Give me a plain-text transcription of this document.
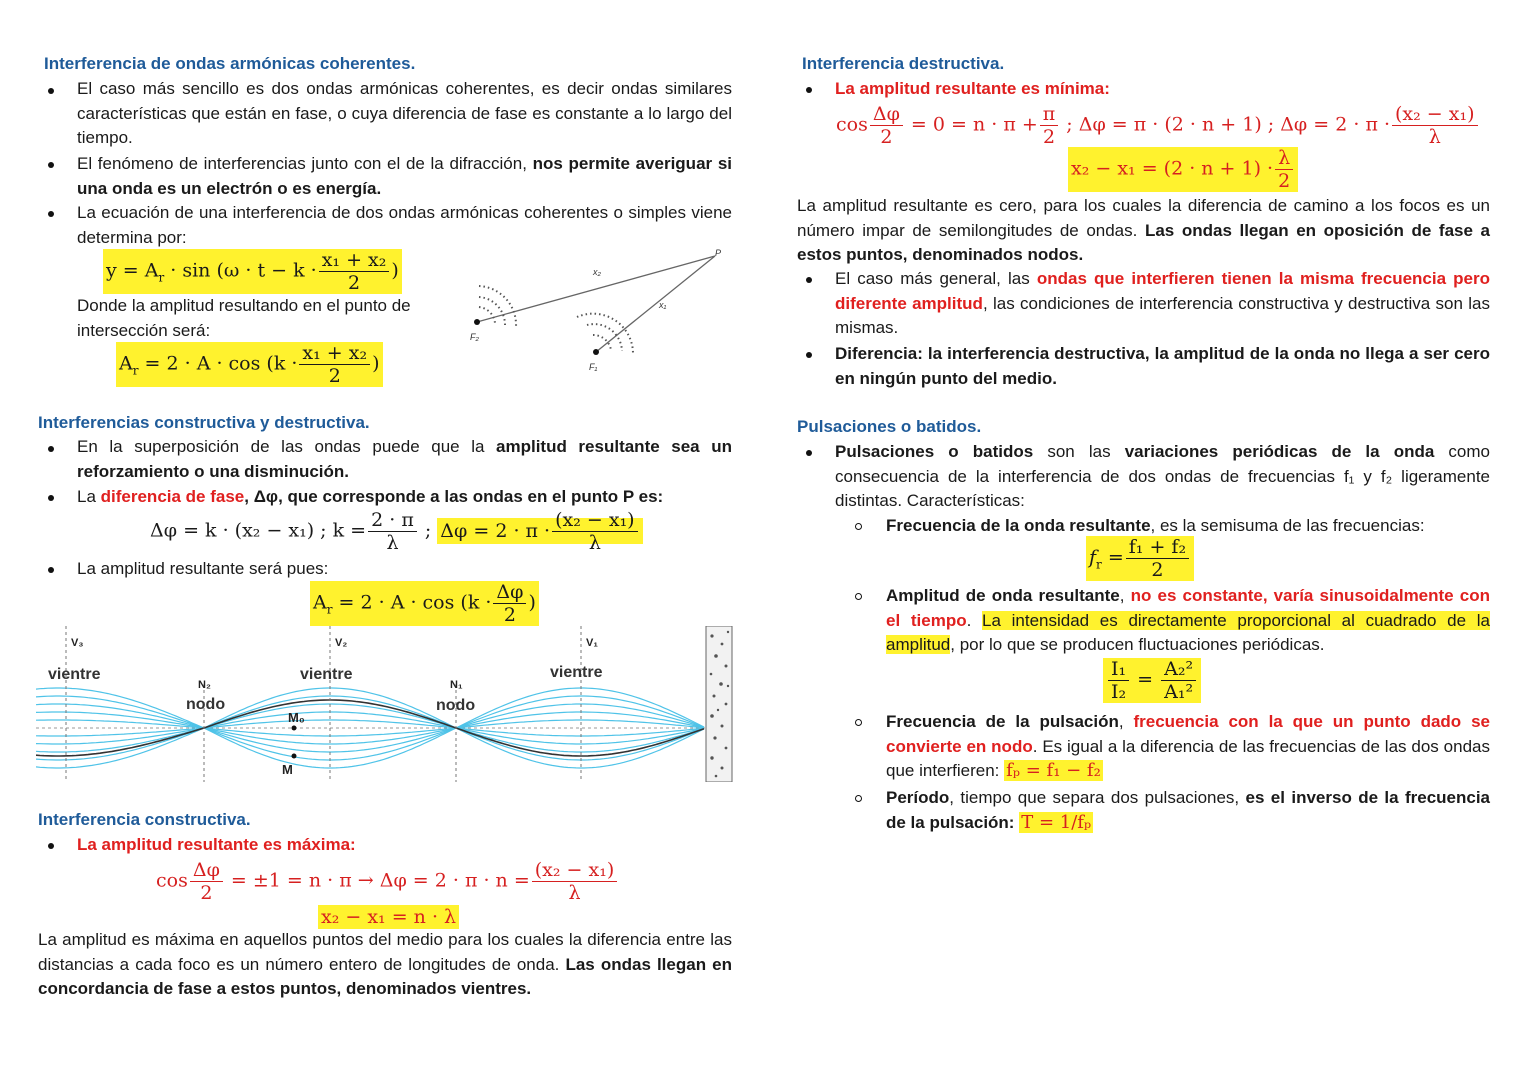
Interferencia de ondas armónicas coherentes.
El caso más sencillo es dos ondas armónicas coherentes, es decir ondas similares características que están en fase, o cuya diferencia de fase es constante a lo largo del tiempo.
El fenómeno de interferencias junto con el de la difracción, nos permite averiguar si una onda es un electrón o es energía.
La ecuación de una interferencia de dos ondas armónicas coherentes o simples viene determina por:
$y = A_r \cdot \sin (\omega \cdot t - k \cdot \frac{\text{x₁ + x₂}}{2}$ )
Donde la amplitud resultando en el punto de intersección será:
$A_r = 2 \cdot A \cdot \cos (k \cdot \frac{\text{x₁ + x₂}}{2}$ )
P
x₂
x₁
F₂
F₁
Interferencias constructiva y destructiva.
En la superposición de las ondas puede que la amplitud resultante sea un reforzamiento o una disminución.
La diferencia de fase, Δφ, que corresponde a las ondas en el punto P es:
Δφ = k · (x₂ − x₁) ; $k = \frac{2 \cdot \pi}{\lambda}$ ; $\Delta\varphi = 2 \cdot \pi \cdot \frac{\text{(x₂ − x₁)}}{\lambda}$
La amplitud resultante será pues:
$A_r = 2 \cdot A \cdot \cos (k \cdot \frac{\Delta\varphi}{2}$ )
V₃	V₂	V₁
vientre	vientre	vientre
N₂	N₁
nodo	nodo
M₀
M
Interferencia constructiva.
La amplitud resultante es máxima:
$\cos \frac{\Delta\varphi}{2} = \pm 1 = n \cdot \pi \to \Delta\varphi = 2 \cdot \pi \cdot n = \frac{\text{(x₂ − x₁)}}{\lambda}$
x₂ − x₁ = n · λ
La amplitud es máxima en aquellos puntos del medio para los cuales la diferencia entre las distancias a cada foco es un número entero de longitudes de onda. Las ondas llegan en concordancia de fase a estos puntos, denominados vientres.
Interferencia destructiva.
La amplitud resultante es mínima:
$\cos \frac{\Delta\varphi}{2} = 0 = n \cdot \pi + \frac{\pi}{2}$ ; Δφ = π · (2 · n + 1) ; $\Delta\varphi = 2 \cdot \pi \cdot \frac{\text{(x₂ − x₁)}}{\lambda}$
$x_2 - x_1 = (2 \cdot n + 1) \cdot \frac{\lambda}{2}$
La amplitud resultante es cero, para los cuales la diferencia de camino a los focos es un número impar de semilongitudes de ondas. Las ondas llegan en oposición de fase a estos puntos, denominados nodos.
El caso más general, las ondas que interfieren tienen la misma frecuencia pero diferente amplitud, las condiciones de interferencia constructiva y destructiva son las mismas.
Diferencia: la interferencia destructiva, la amplitud de la onda no llega a ser cero en ningún punto del medio.
Pulsaciones o batidos.
Pulsaciones o batidos son las variaciones periódicas de la onda como consecuencia de la interferencia de dos ondas de frecuencias f₁ y f₂ ligeramente distintas. Características:
Frecuencia de la onda resultante, es la semisuma de las frecuencias:
$f_r = \frac{\text{f₁ + f₂}}{2}$
Amplitud de onda resultante, no es constante, varía sinusoidalmente con el tiempo. La intensidad es directamente proporcional al cuadrado de la amplitud, por lo que se producen fluctuaciones periódicas.
$\frac{\text{I₁}}{\text{I₂}} = \frac{\text{A₂²}}{\text{A₁²}}$
Frecuencia de la pulsación, frecuencia con la que un punto dado se convierte en nodo. Es igual a la diferencia de las frecuencias de las dos ondas que interfieren: fₚ = f₁ − f₂
Período, tiempo que separa dos pulsaciones, es el inverso de la frecuencia de la pulsación: T = 1/fₚ
